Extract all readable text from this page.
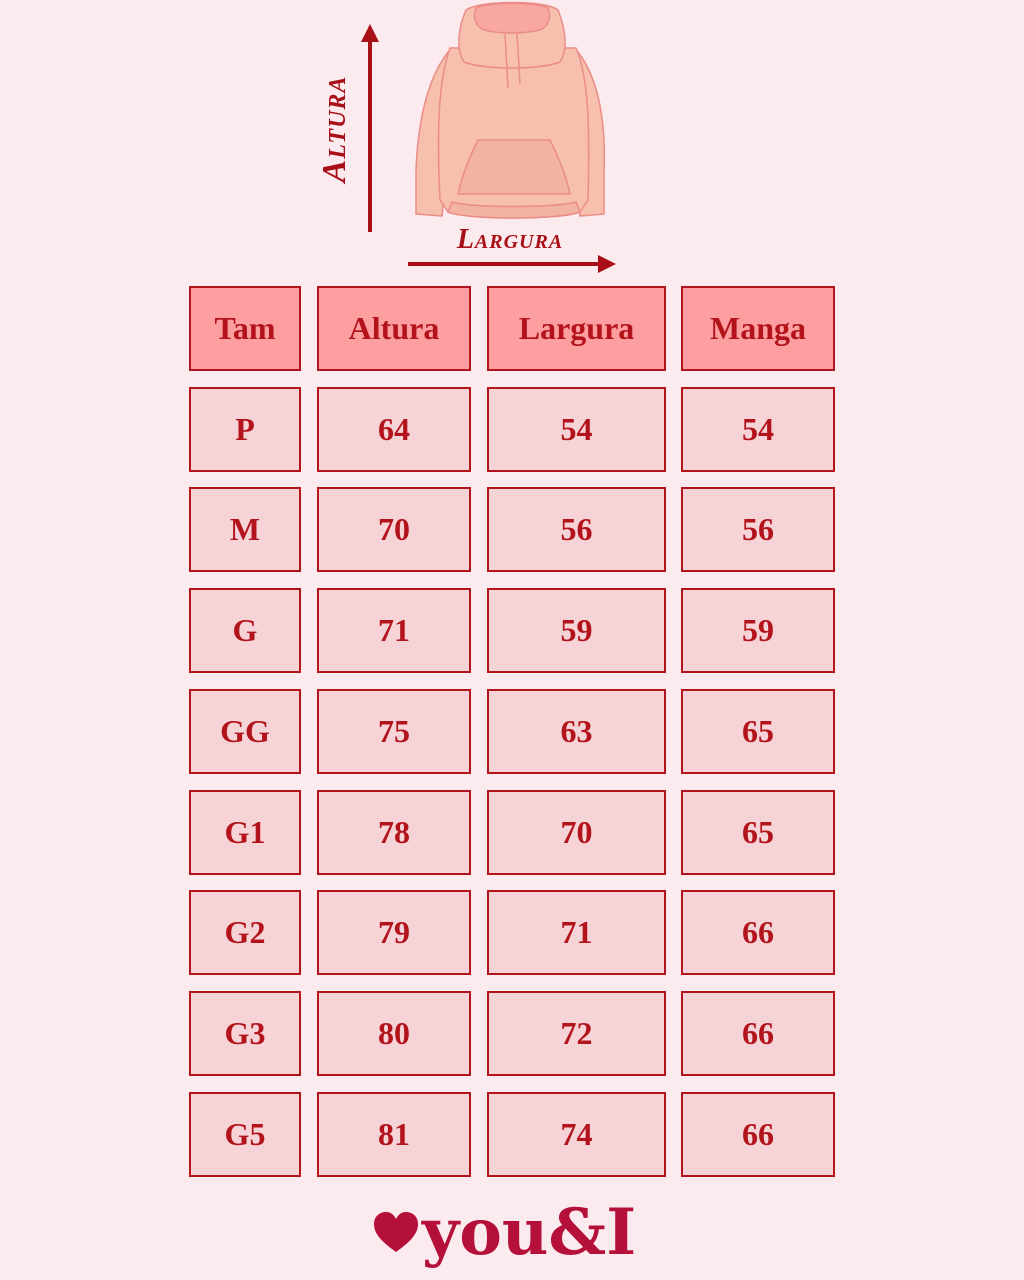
Altura
Largura
Tam	Altura	Largura	Manga
P	64	54	54
M	70	56	56
G	71	59	59
GG	75	63	65
G1	78	70	65
G2	79	71	66
G3	80	72	66
G5	81	74	66
you&I
